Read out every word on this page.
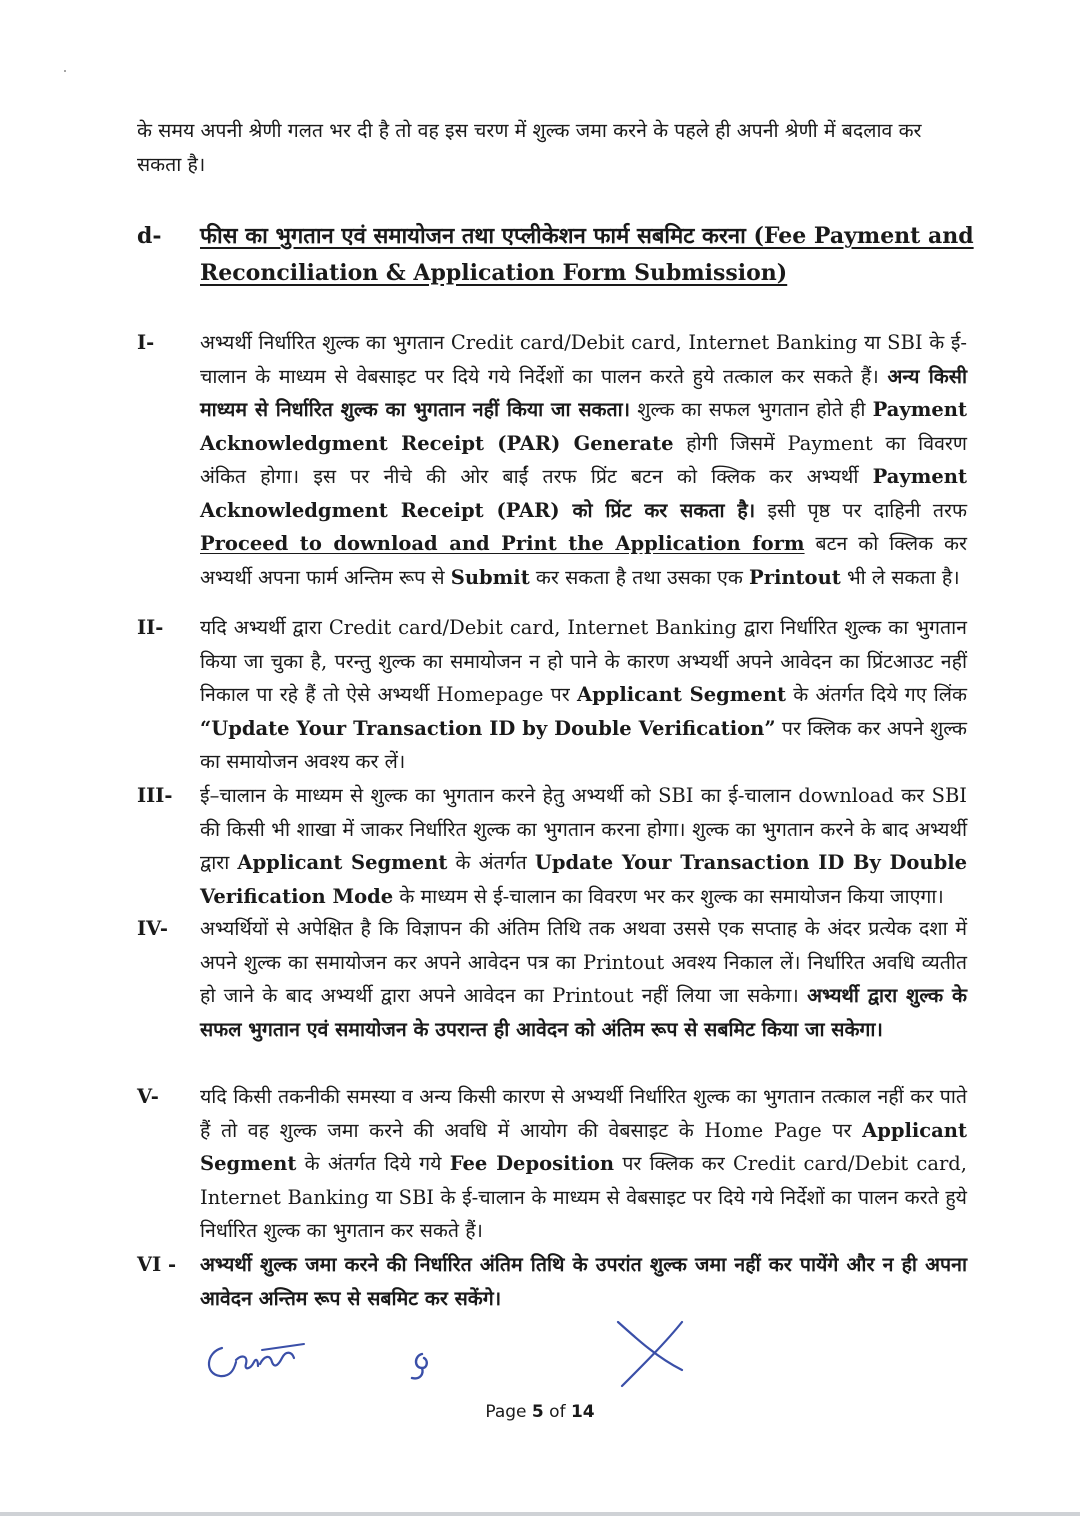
के समय अपनी श्रेणी गलत भर दी है तो वह इस चरण में शुल्क जमा करने के पहले ही अपनी श्रेणी में बदलाव कर सकता है।
d- फीस का भुगतान एवं समायोजन तथा एप्लीकेशन फार्म सबमिट करना (Fee Payment and Reconciliation & Application Form Submission)
I- अभ्यर्थी निर्धारित शुल्क का भुगतान Credit card/Debit card, Internet Banking या SBI के ई-चालान के माध्यम से वेबसाइट पर दिये गये निर्देशों का पालन करते हुये तत्काल कर सकते हैं। अन्य किसी माध्यम से निर्धारित शुल्क का भुगतान नहीं किया जा सकता। शुल्क का सफल भुगतान होते ही Payment Acknowledgment Receipt (PAR) Generate होगी जिसमें Payment का विवरण अंकित होगा। इस पर नीचे की ओर बाईं तरफ प्रिंट बटन को क्लिक कर अभ्यर्थी Payment Acknowledgment Receipt (PAR) को प्रिंट कर सकता है। इसी पृष्ठ पर दाहिनी तरफ Proceed to download and Print the Application form बटन को क्लिक कर अभ्यर्थी अपना फार्म अन्तिम रूप से Submit कर सकता है तथा उसका एक Printout भी ले सकता है।
II- यदि अभ्यर्थी द्वारा Credit card/Debit card, Internet Banking द्वारा निर्धारित शुल्क का भुगतान किया जा चुका है, परन्तु शुल्क का समायोजन न हो पाने के कारण अभ्यर्थी अपने आवेदन का प्रिंटआउट नहीं निकाल पा रहे हैं तो ऐसे अभ्यर्थी Homepage पर Applicant Segment के अंतर्गत दिये गए लिंक “Update Your Transaction ID by Double Verification” पर क्लिक कर अपने शुल्क का समायोजन अवश्य कर लें।
III- ई–चालान के माध्यम से शुल्क का भुगतान करने हेतु अभ्यर्थी को SBI का ई-चालान download कर SBI की किसी भी शाखा में जाकर निर्धारित शुल्क का भुगतान करना होगा। शुल्क का भुगतान करने के बाद अभ्यर्थी द्वारा Applicant Segment के अंतर्गत Update Your Transaction ID By Double Verification Mode के माध्यम से ई-चालान का विवरण भर कर शुल्क का समायोजन किया जाएगा।
IV- अभ्यर्थियों से अपेक्षित है कि विज्ञापन की अंतिम तिथि तक अथवा उससे एक सप्ताह के अंदर प्रत्येक दशा में अपने शुल्क का समायोजन कर अपने आवेदन पत्र का Printout अवश्य निकाल लें। निर्धारित अवधि व्यतीत हो जाने के बाद अभ्यर्थी द्वारा अपने आवेदन का Printout नहीं लिया जा सकेगा। अभ्यर्थी द्वारा शुल्क के सफल भुगतान एवं समायोजन के उपरान्त ही आवेदन को अंतिम रूप से सबमिट किया जा सकेगा।
V- यदि किसी तकनीकी समस्या व अन्य किसी कारण से अभ्यर्थी निर्धारित शुल्क का भुगतान तत्काल नहीं कर पाते हैं तो वह शुल्क जमा करने की अवधि में आयोग की वेबसाइट के Home Page पर Applicant Segment के अंतर्गत दिये गये Fee Deposition पर क्लिक कर Credit card/Debit card, Internet Banking या SBI के ई-चालान के माध्यम से वेबसाइट पर दिये गये निर्देशों का पालन करते हुये निर्धारित शुल्क का भुगतान कर सकते हैं।
VI - अभ्यर्थी शुल्क जमा करने की निर्धारित अंतिम तिथि के उपरांत शुल्क जमा नहीं कर पायेंगे और न ही अपना आवेदन अन्तिम रूप से सबमिट कर सकेंगे।
Page 5 of 14
